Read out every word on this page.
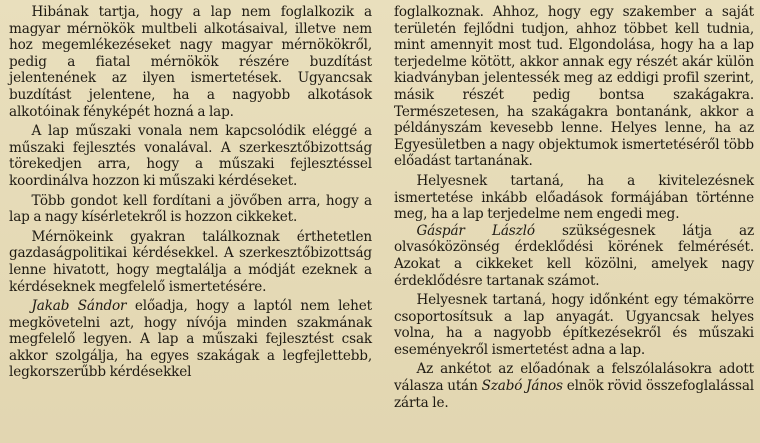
Hibának tartja, hogy a lap nem foglalkozik a magyar mérnökök multbeli alkotásaival, illetve nem hoz megemlékezéseket nagy magyar mérnökökről, pedig a fiatal mérnökök részére buzdítást jelentenének az ilyen ismertetések. Ugyancsak buzdítást jelentene, ha a nagyobb alkotások alkotóinak fényképét hozná a lap.

A lap műszaki vonala nem kapcsolódik eléggé a műszaki fejlesztés vonalával. A szerkesztőbizottság törekedjen arra, hogy a műszaki fejlesztéssel koordinálva hozzon ki műszaki kérdéseket.

Több gondot kell fordítani a jövőben arra, hogy a lap a nagy kísérletekről is hozzon cikkeket.

Mérnökeink gyakran találkoznak érthetetlen gazdaságpolitikai kérdésekkel. A szerkesztőbizottság lenne hivatott, hogy megtalálja a módját ezeknek a kérdéseknek megfelelő ismertetésére.

Jakab Sándor előadja, hogy a laptól nem lehet megkövetelni azt, hogy nívója minden szakmának megfelelő legyen. A lap a műszaki fejlesztést csak akkor szolgálja, ha egyes szakágak a legfejlettebb, legkorszerűbb kérdésekkel

foglalkoznak. Ahhoz, hogy egy szakember a saját területén fejlődni tudjon, ahhoz többet kell tudnia, mint amennyit most tud. Elgondolása, hogy ha a lap terjedelme kötött, akkor annak egy részét akár külön kiadványban jelentessék meg az eddigi profil szerint, másik részét pedig bontsa szakágakra. Természetesen, ha szakágakra bontanánk, akkor a példányszám kevesebb lenne. Helyes lenne, ha az Egyesületben a nagy objektumok ismertetéséről több előadást tartanának.

Helyesnek tartaná, ha a kivitelezésnek ismertetése inkább előadások formájában történne meg, ha a lap terjedelme nem engedi meg.

Gáspár László szükségesnek látja az olvasóközönség érdeklődési körének felmérését. Azokat a cikkeket kell közölni, amelyek nagy érdeklődésre tartanak számot.

Helyesnek tartaná, hogy időnként egy témakörre csoportosítsuk a lap anyagát. Ugyancsak helyes volna, ha a nagyobb építkezésekről és műszaki eseményekről ismertetést adna a lap.

Az ankétot az előadónak a felszólalásokra adott válasza után Szabó János elnök rövid összefoglalással zárta le.
